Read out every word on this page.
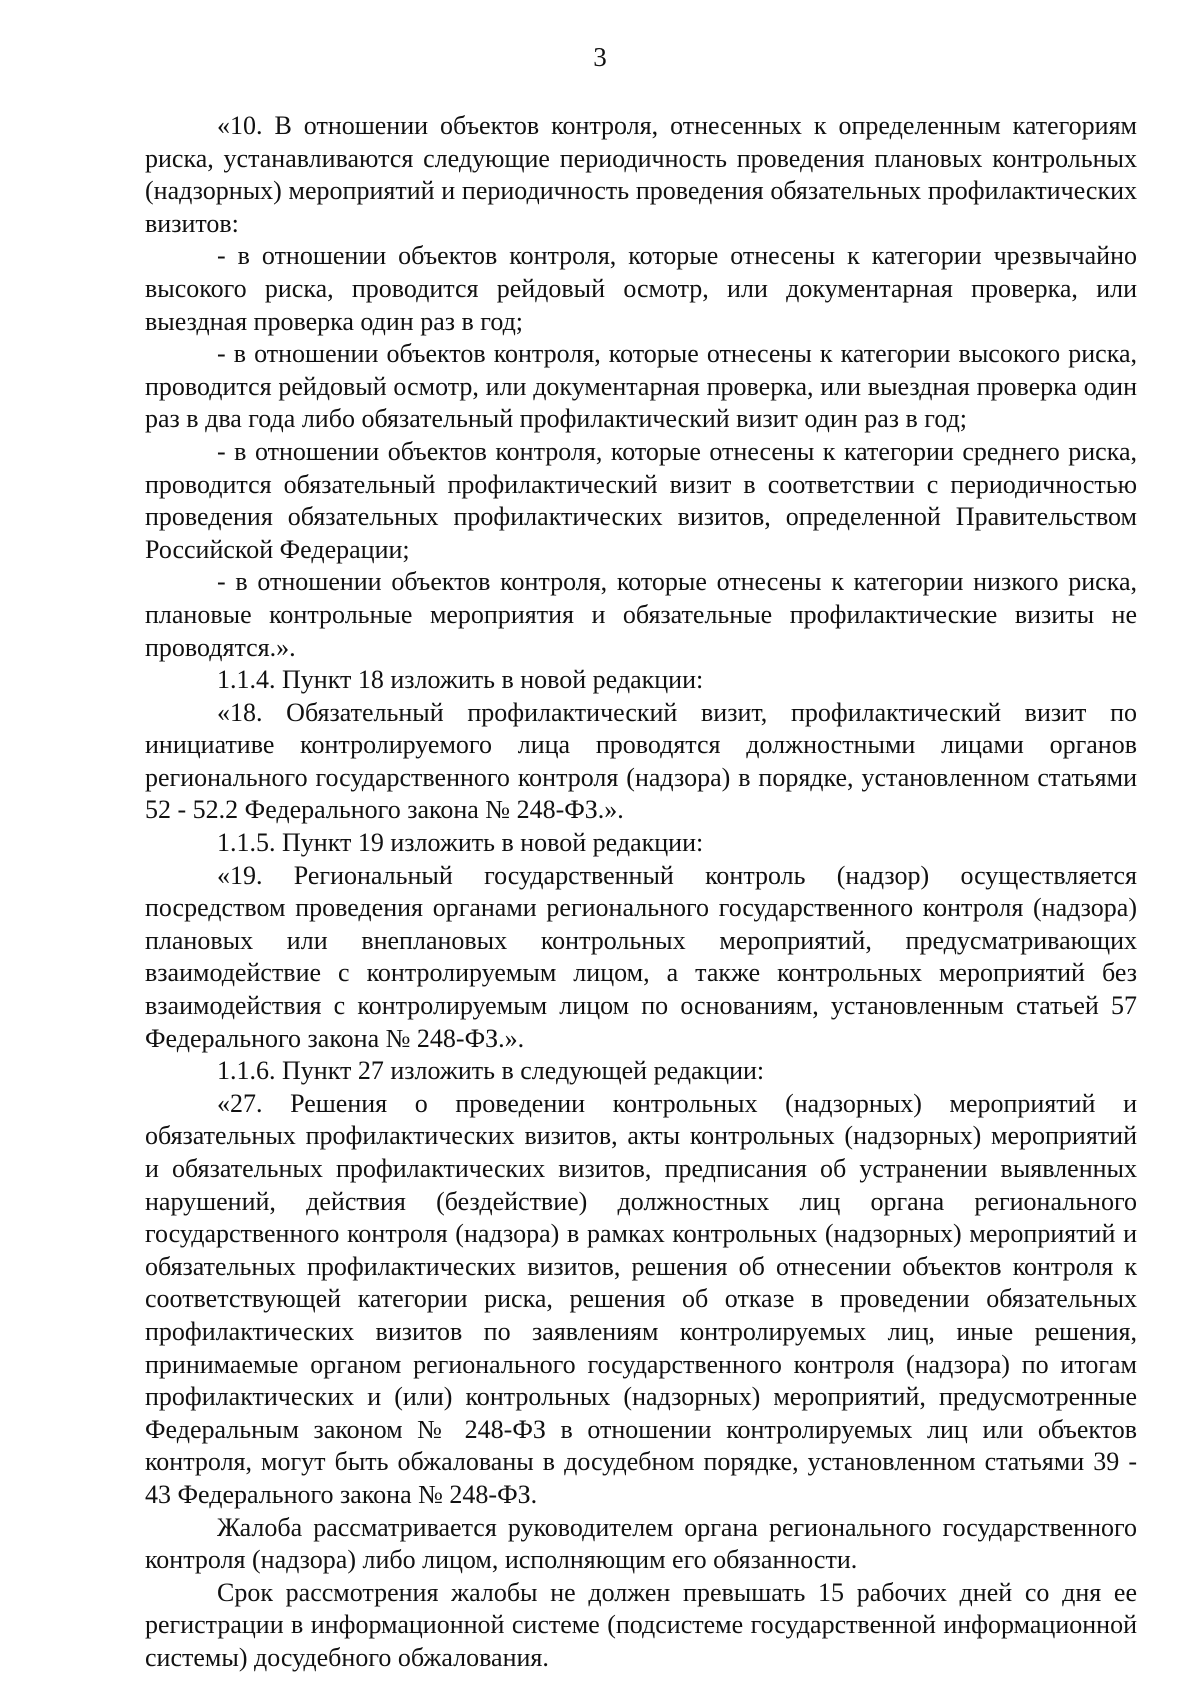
3

«10. В отношении объектов контроля, отнесенных к определенным категориям риска, устанавливаются следующие периодичность проведения плановых контрольных (надзорных) мероприятий и периодичность проведения обязательных профилактических визитов:

- в отношении объектов контроля, которые отнесены к категории чрезвычайно высокого риска, проводится рейдовый осмотр, или документарная проверка, или выездная проверка один раз в год;

- в отношении объектов контроля, которые отнесены к категории высокого риска, проводится рейдовый осмотр, или документарная проверка, или выездная проверка один раз в два года либо обязательный профилактический визит один раз в год;

- в отношении объектов контроля, которые отнесены к категории среднего риска, проводится обязательный профилактический визит в соответствии с периодичностью проведения обязательных профилактических визитов, определенной Правительством Российской Федерации;

- в отношении объектов контроля, которые отнесены к категории низкого риска, плановые контрольные мероприятия и обязательные профилактические визиты не проводятся.».

1.1.4. Пункт 18 изложить в новой редакции:

«18. Обязательный профилактический визит, профилактический визит по инициативе контролируемого лица проводятся должностными лицами органов регионального государственного контроля (надзора) в порядке, установленном статьями 52 - 52.2 Федерального закона № 248-ФЗ.».

1.1.5. Пункт 19 изложить в новой редакции:

«19. Региональный государственный контроль (надзор) осуществляется посредством проведения органами регионального государственного контроля (надзора) плановых или внеплановых контрольных мероприятий, предусматривающих взаимодействие с контролируемым лицом, а также контрольных мероприятий без взаимодействия с контролируемым лицом по основаниям, установленным статьей 57 Федерального закона № 248-ФЗ.».

1.1.6. Пункт 27 изложить в следующей редакции:

«27. Решения о проведении контрольных (надзорных) мероприятий и обязательных профилактических визитов, акты контрольных (надзорных) мероприятий и обязательных профилактических визитов, предписания об устранении выявленных нарушений, действия (бездействие) должностных лиц органа регионального государственного контроля (надзора) в рамках контрольных (надзорных) мероприятий и обязательных профилактических визитов, решения об отнесении объектов контроля к соответствующей категории риска, решения об отказе в проведении обязательных профилактических визитов по заявлениям контролируемых лиц, иные решения, принимаемые органом регионального государственного контроля (надзора) по итогам профилактических и (или) контрольных (надзорных) мероприятий, предусмотренные Федеральным законом № 248-ФЗ в отношении контролируемых лиц или объектов контроля, могут быть обжалованы в досудебном порядке, установленном статьями 39 - 43 Федерального закона № 248-ФЗ.

Жалоба рассматривается руководителем органа регионального государственного контроля (надзора) либо лицом, исполняющим его обязанности.

Срок рассмотрения жалобы не должен превышать 15 рабочих дней со дня ее регистрации в информационной системе (подсистеме государственной информационной системы) досудебного обжалования.
